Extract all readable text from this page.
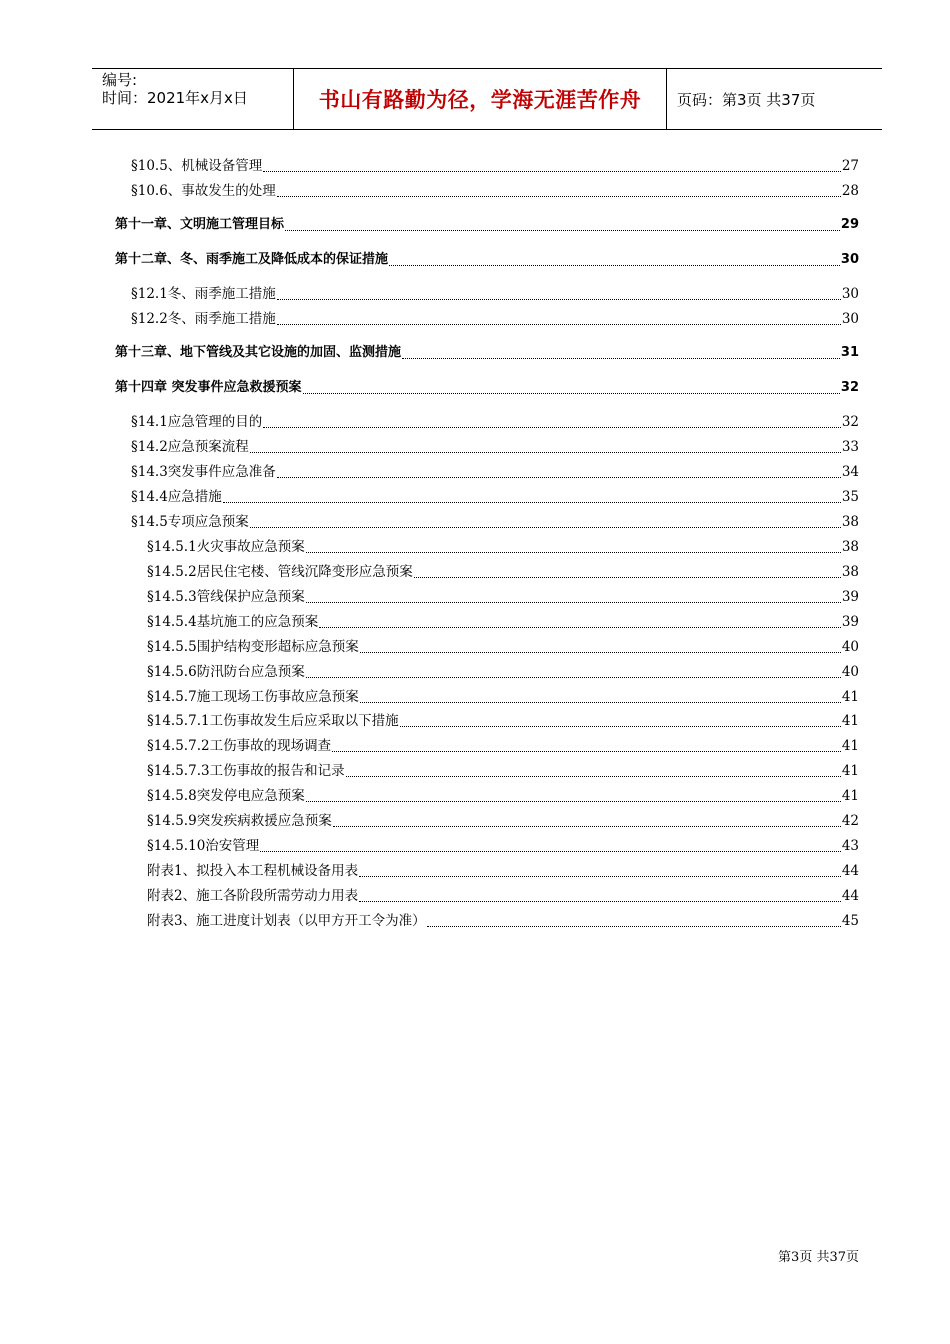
编号:
时间：2021年x月x日	书山有路勤为径，学海无涯苦作舟 页码：第3页 共37页
§10.5、机械设备管理	27
§10.6、事故发生的处理	28
第十一章、文明施工管理目标	29
第十二章、冬、雨季施工及降低成本的保证措施	30
§12.1冬、雨季施工措施	30
§12.2冬、雨季施工措施	30
第十三章、地下管线及其它设施的加固、监测措施	31
第十四章 突发事件应急救援预案	32
§14.1应急管理的目的	32
§14.2应急预案流程	33
§14.3突发事件应急准备	34
§14.4应急措施	35
§14.5专项应急预案	38
§14.5.1火灾事故应急预案	38
§14.5.2居民住宅楼、管线沉降变形应急预案	38
§14.5.3管线保护应急预案	39
§14.5.4基坑施工的应急预案	39
§14.5.5围护结构变形超标应急预案	40
§14.5.6防汛防台应急预案	40
§14.5.7施工现场工伤事故应急预案	41
§14.5.7.1工伤事故发生后应采取以下措施	41
§14.5.7.2工伤事故的现场调查	41
§14.5.7.3工伤事故的报告和记录	41
§14.5.8突发停电应急预案	41
§14.5.9突发疾病救援应急预案	42
§14.5.10治安管理	43
附表1、拟投入本工程机械设备用表	44
附表2、施工各阶段所需劳动力用表	44
附表3、施工进度计划表（以甲方开工令为准）	45
第3页 共37页
